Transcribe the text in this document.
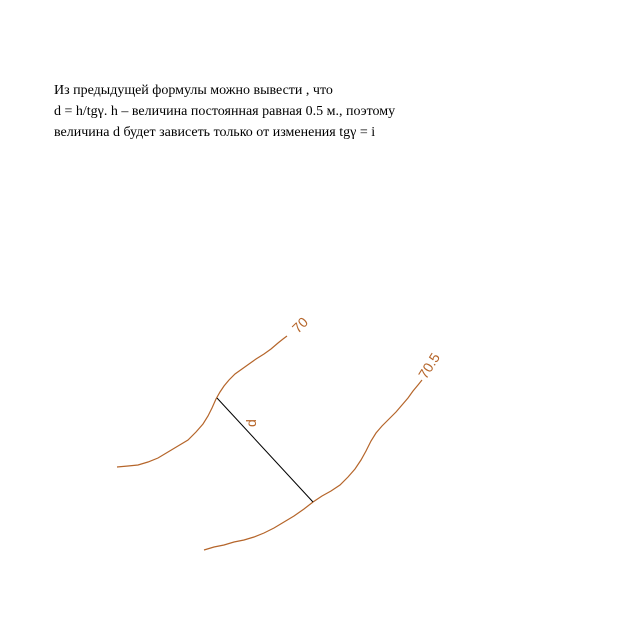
Из предыдущей формулы можно вывести , что
d = h/tgγ. h – величина постоянная равная 0.5 м., поэтому
величина d будет зависеть только от изменения tgγ = i
70
70.5
d
